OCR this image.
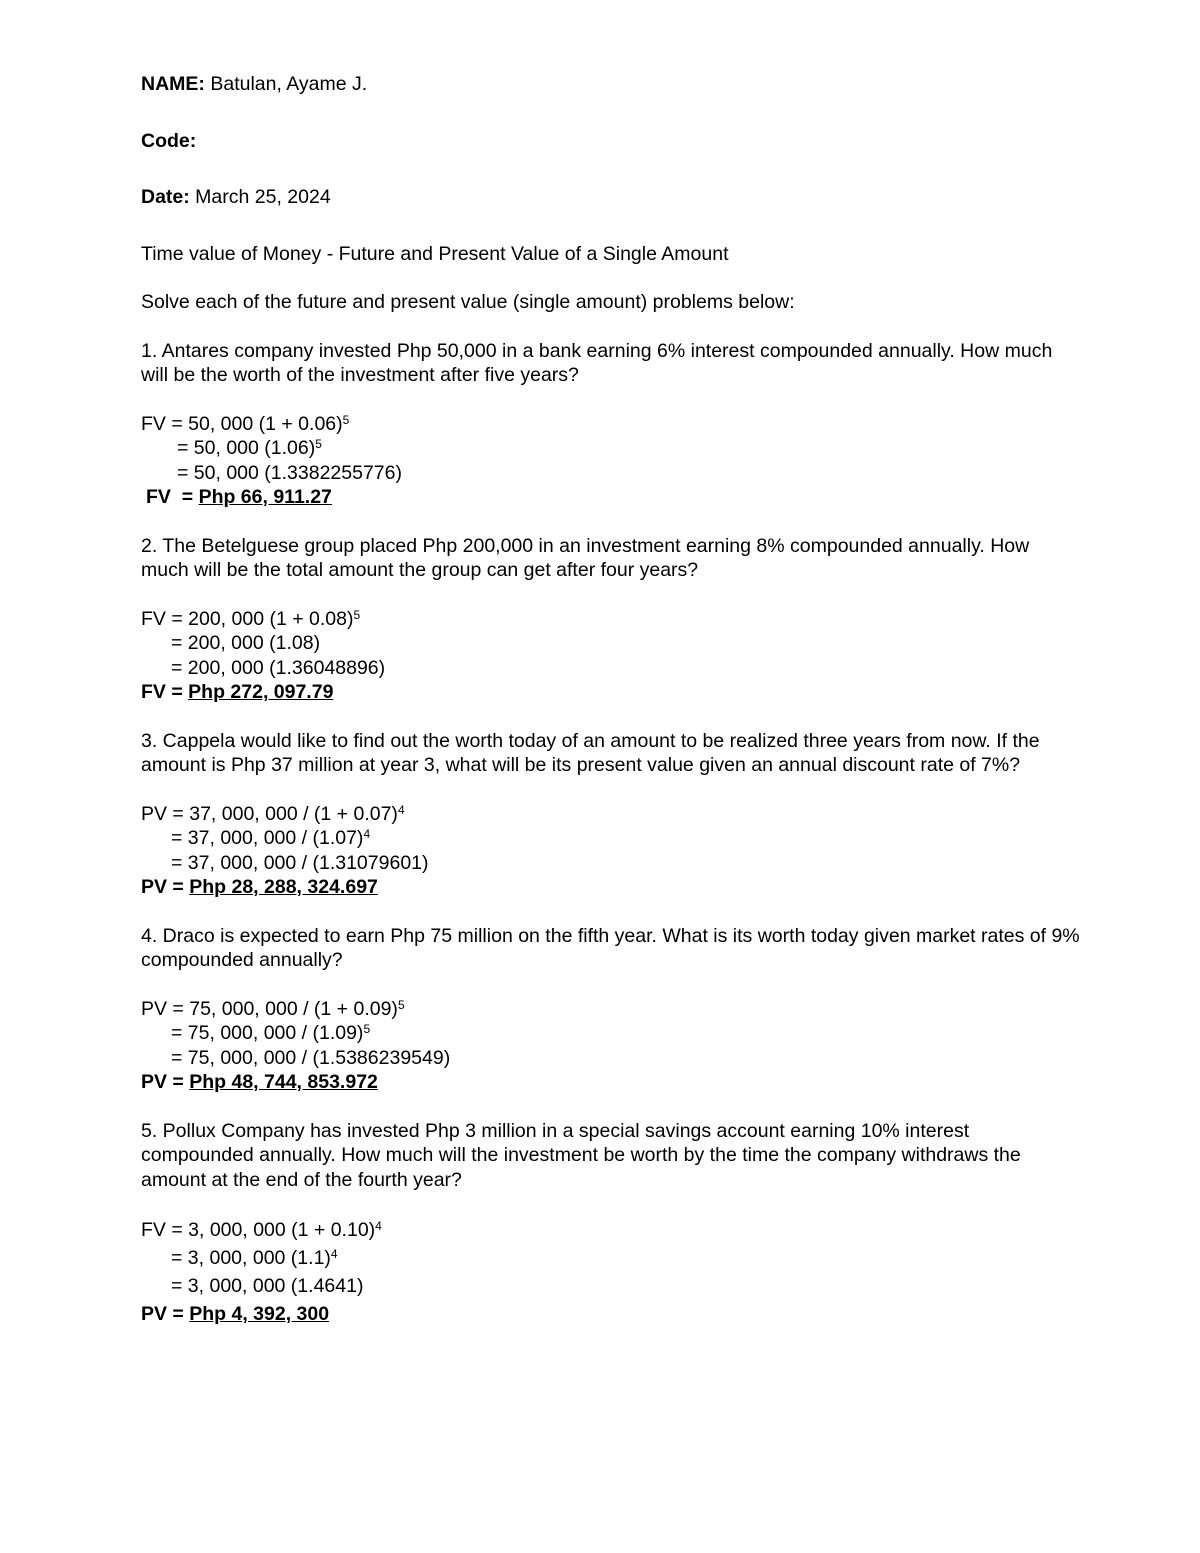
NAME: Batulan, Ayame J.
Code:
Date: March 25, 2024
Time value of Money - Future and Present Value of a Single Amount
Solve each of the future and present value (single amount) problems below:
1. Antares company invested Php 50,000 in a bank earning 6% interest compounded annually. How much will be the worth of the investment after five years?
FV = 50, 000 $(1 + 0.06)^5$
= 50, 000 $(1.06)^5$
= 50, 000 (1.3382255776)
FV  = Php 66, 911.27
2. The Betelguese group placed Php 200,000 in an investment earning 8% compounded annually. How much will be the total amount the group can get after four years?
FV = 200, 000 $(1 + 0.08)^5$
= 200, 000 (1.08)
= 200, 000 (1.36048896)
FV = Php 272, 097.79
3. Cappela would like to find out the worth today of an amount to be realized three years from now. If the amount is Php 37 million at year 3, what will be its present value given an annual discount rate of 7%?
PV = 37, 000, $000 / (1 + 0.07)^4$
= 37, 000, $000 / (1.07)^4$
= 37, 000, 000 / (1.31079601)
PV = Php 28, 288, 324.697
4. Draco is expected to earn Php 75 million on the fifth year. What is its worth today given market rates of 9% compounded annually?
PV = 75, 000, $000 / (1 + 0.09)^5$
= 75, 000, $000 / (1.09)^5$
= 75, 000, 000 / (1.5386239549)
PV = Php 48, 744, 853.972
5. Pollux Company has invested Php 3 million in a special savings account earning 10% interest compounded annually. How much will the investment be worth by the time the company withdraws the amount at the end of the fourth year?
FV = 3, 000, 000 $(1 + 0.10)^4$
= 3, 000, 000 $(1.1)^4$
= 3, 000, 000 (1.4641)
PV = Php 4, 392, 300
